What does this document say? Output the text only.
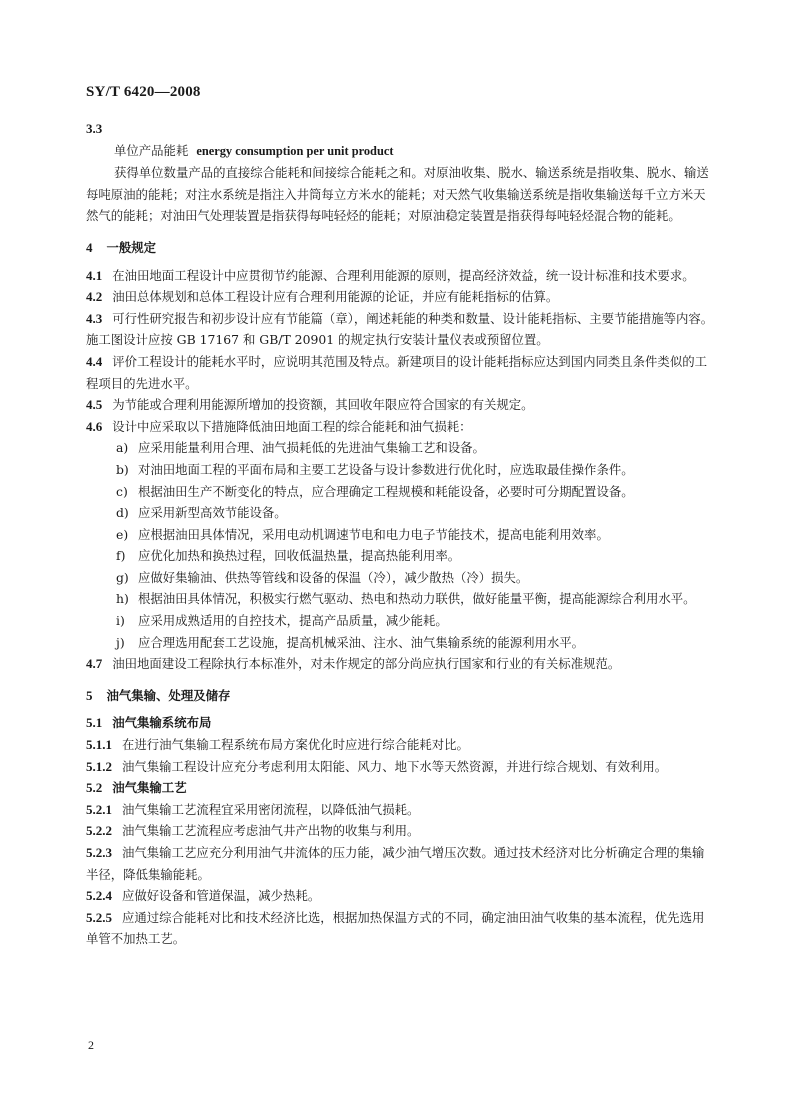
SY/T 6420—2008

3.3

单位产品能耗 energy consumption per unit product

获得单位数量产品的直接综合能耗和间接综合能耗之和。对原油收集、脱水、输送系统是指收集、脱水、输送每吨原油的能耗；对注水系统是指注入井筒每立方米水的能耗；对天然气收集输送系统是指收集输送每千立方米天然气的能耗；对油田气处理装置是指获得每吨轻烃的能耗；对原油稳定装置是指获得每吨轻烃混合物的能耗。

4 一般规定

4.1 在油田地面工程设计中应贯彻节约能源、合理利用能源的原则，提高经济效益，统一设计标准和技术要求。

4.2 油田总体规划和总体工程设计应有合理利用能源的论证，并应有能耗指标的估算。

4.3 可行性研究报告和初步设计应有节能篇（章），阐述耗能的种类和数量、设计能耗指标、主要节能措施等内容。施工图设计应按 GB 17167 和 GB/T 20901 的规定执行安装计量仪表或预留位置。

4.4 评价工程设计的能耗水平时，应说明其范围及特点。新建项目的设计能耗指标应达到国内同类且条件类似的工程项目的先进水平。

4.5 为节能或合理利用能源所增加的投资额，其回收年限应符合国家的有关规定。

4.6 设计中应采取以下措施降低油田地面工程的综合能耗和油气损耗：

a) 应采用能量利用合理、油气损耗低的先进油气集输工艺和设备。

b) 对油田地面工程的平面布局和主要工艺设备与设计参数进行优化时，应选取最佳操作条件。

c) 根据油田生产不断变化的特点，应合理确定工程规模和耗能设备，必要时可分期配置设备。

d) 应采用新型高效节能设备。

e) 应根据油田具体情况，采用电动机调速节电和电力电子节能技术，提高电能利用效率。

f) 应优化加热和换热过程，回收低温热量，提高热能利用率。

g) 应做好集输油、供热等管线和设备的保温（冷），减少散热（冷）损失。

h) 根据油田具体情况，积极实行燃气驱动、热电和热动力联供，做好能量平衡，提高能源综合利用水平。

i) 应采用成熟适用的自控技术，提高产品质量，减少能耗。

j) 应合理选用配套工艺设施，提高机械采油、注水、油气集输系统的能源利用水平。

4.7 油田地面建设工程除执行本标准外，对未作规定的部分尚应执行国家和行业的有关标准规范。

5 油气集输、处理及储存

5.1 油气集输系统布局

5.1.1 在进行油气集输工程系统布局方案优化时应进行综合能耗对比。

5.1.2 油气集输工程设计应充分考虑利用太阳能、风力、地下水等天然资源，并进行综合规划、有效利用。

5.2 油气集输工艺

5.2.1 油气集输工艺流程宜采用密闭流程，以降低油气损耗。

5.2.2 油气集输工艺流程应考虑油气井产出物的收集与利用。

5.2.3 油气集输工艺应充分利用油气井流体的压力能，减少油气增压次数。通过技术经济对比分析确定合理的集输半径，降低集输能耗。

5.2.4 应做好设备和管道保温，减少热耗。

5.2.5 应通过综合能耗对比和技术经济比选，根据加热保温方式的不同，确定油田油气收集的基本流程，优先选用单管不加热工艺。

2
